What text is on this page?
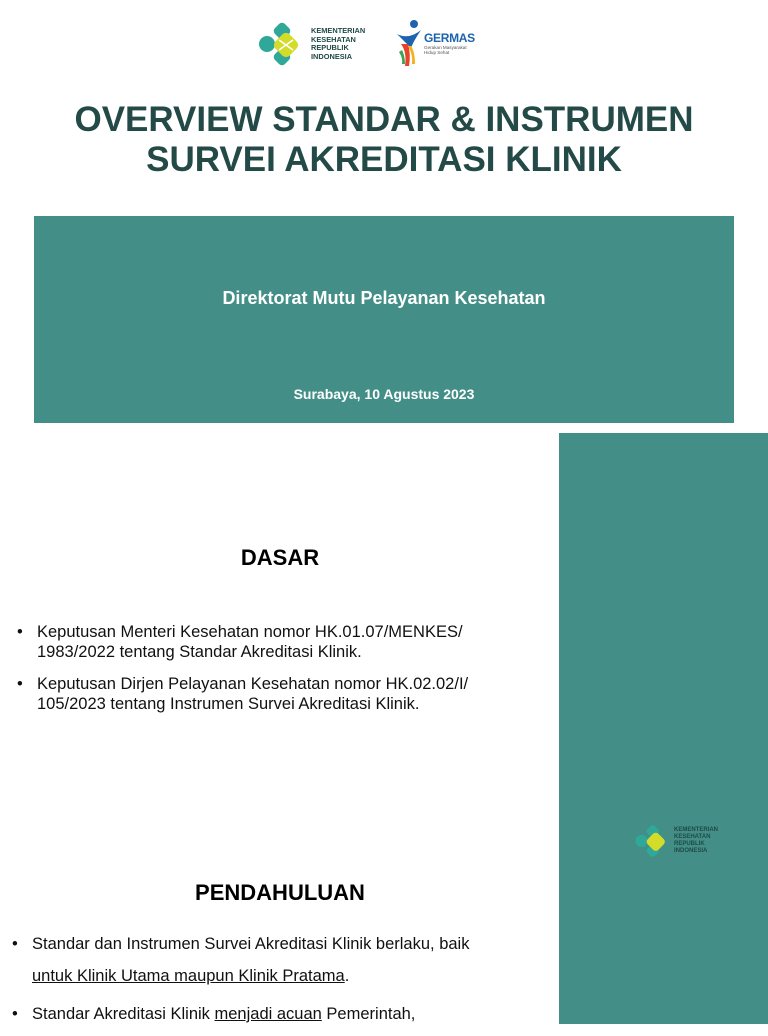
KEMENTERIAN
KESEHATAN
REPUBLIK
INDONESIA
GERMAS
Gerakan Masyarakat
Hidup Sehat
OVERVIEW STANDAR & INSTRUMEN
SURVEI AKREDITASI KLINIK
Direktorat Mutu Pelayanan Kesehatan
Surabaya, 10 Agustus 2023
KEMENTERIAN
KESEHATAN
REPUBLIK
INDONESIA
DASAR
• Keputusan Menteri Kesehatan nomor HK.01.07/MENKES/
1983/2022 tentang Standar Akreditasi Klinik.
• Keputusan Dirjen Pelayanan Kesehatan nomor HK.02.02/I/
105/2023 tentang Instrumen Survei Akreditasi Klinik.
PENDAHULUAN
• Standar dan Instrumen Survei Akreditasi Klinik berlaku, baik
untuk Klinik Utama maupun Klinik Pratama.
• Standar Akreditasi Klinik menjadi acuan Pemerintah,
